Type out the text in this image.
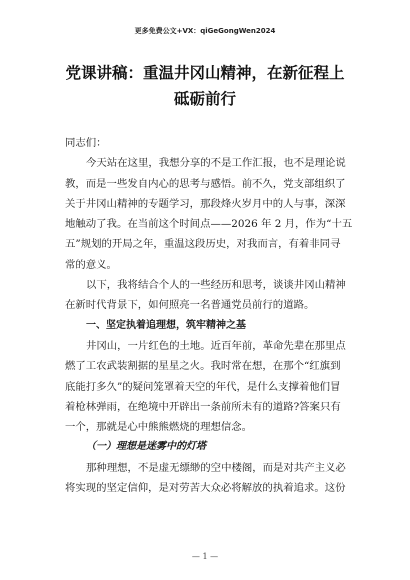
更多免费公文+VX：qiGeGongWen2024
党课讲稿：重温井冈山精神，在新征程上
砥砺前行
同志们：
今天站在这里，我想分享的不是工作汇报，也不是理论说
教，而是一些发自内心的思考与感悟。前不久，党支部组织了
关于井冈山精神的专题学习，那段烽火岁月中的人与事，深深
地触动了我。在当前这个时间点——2026 年 2 月，作为“十五
五”规划的开局之年，重温这段历史，对我而言，有着非同寻
常的意义。
以下，我将结合个人的一些经历和思考，谈谈井冈山精神
在新时代背景下，如何照亮一名普通党员前行的道路。
一、坚定执着追理想，筑牢精神之基
井冈山，一片红色的土地。近百年前，革命先辈在那里点
燃了工农武装割据的星星之火。我时常在想，在那个“红旗到
底能打多久”的疑问笼罩着天空的年代，是什么支撑着他们冒
着枪林弹雨，在绝境中开辟出一条前所未有的道路?答案只有
一个，那就是心中熊熊燃烧的理想信念。
（一）理想是迷雾中的灯塔
那种理想，不是虚无缥缈的空中楼阁，而是对共产主义必
将实现的坚定信仰，是对劳苦大众必将解放的执着追求。这份
— 1 —
